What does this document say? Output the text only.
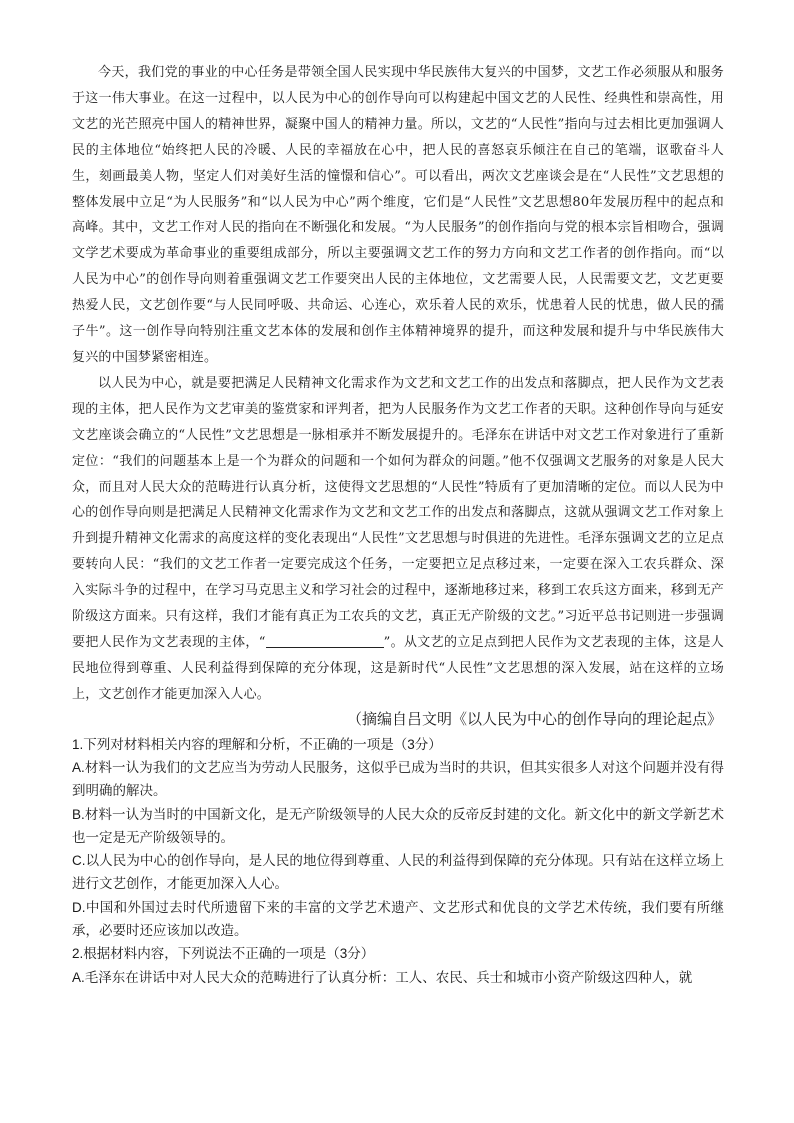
今天，我们党的事业的中心任务是带领全国人民实现中华民族伟大复兴的中国梦，文艺工作必须服从和服务于这一伟大事业。在这一过程中，以人民为中心的创作导向可以构建起中国文艺的人民性、经典性和崇高性，用文艺的光芒照亮中国人的精神世界，凝聚中国人的精神力量。所以，文艺的“人民性”指向与过去相比更加强调人民的主体地位“始终把人民的冷暖、人民的幸福放在心中，把人民的喜怒哀乐倾注在自己的笔端，讴歌奋斗人生，刻画最美人物，坚定人们对美好生活的憧憬和信心”。可以看出，两次文艺座谈会是在“人民性”文艺思想的整体发展中立足“为人民服务”和“以人民为中心”两个维度，它们是“人民性”文艺思想80年发展历程中的起点和高峰。其中，文艺工作对人民的指向在不断强化和发展。“为人民服务”的创作指向与党的根本宗旨相吻合，强调文学艺术要成为革命事业的重要组成部分，所以主要强调文艺工作的努力方向和文艺工作者的创作指向。而“以人民为中心”的创作导向则着重强调文艺工作要突出人民的主体地位，文艺需要人民，人民需要文艺，文艺更要热爱人民，文艺创作要“与人民同呼吸、共命运、心连心，欢乐着人民的欢乐，忧患着人民的忧患，做人民的孺子牛”。这一创作导向特别注重文艺本体的发展和创作主体精神境界的提升，而这种发展和提升与中华民族伟大复兴的中国梦紧密相连。

以人民为中心，就是要把满足人民精神文化需求作为文艺和文艺工作的出发点和落脚点，把人民作为文艺表现的主体，把人民作为文艺审美的鉴赏家和评判者，把为人民服务作为文艺工作者的天职。这种创作导向与延安文艺座谈会确立的“人民性”文艺思想是一脉相承并不断发展提升的。毛泽东在讲话中对文艺工作对象进行了重新定位：“我们的问题基本上是一个为群众的问题和一个如何为群众的问题。”他不仅强调文艺服务的对象是人民大众，而且对人民大众的范畴进行认真分析，这使得文艺思想的“人民性”特质有了更加清晰的定位。而以人民为中心的创作导向则是把满足人民精神文化需求作为文艺和文艺工作的出发点和落脚点，这就从强调文艺工作对象上升到提升精神文化需求的高度这样的变化表现出“人民性”文艺思想与时俱进的先进性。毛泽东强调文艺的立足点要转向人民：“我们的文艺工作者一定要完成这个任务，一定要把立足点移过来，一定要在深入工农兵群众、深入实际斗争的过程中，在学习马克思主义和学习社会的过程中，逐渐地移过来，移到工农兵这方面来，移到无产阶级这方面来。只有这样，我们才能有真正为工农兵的文艺，真正无产阶级的文艺。”习近平总书记则进一步强调要把人民作为文艺表现的主体，“	”。从文艺的立足点到把人民作为文艺表现的主体，这是人民地位得到尊重、人民利益得到保障的充分体现，这是新时代“人民性”文艺思想的深入发展，站在这样的立场上，文艺创作才能更加深入人心。

（摘编自吕文明《以人民为中心的创作导向的理论起点》

1.下列对材料相关内容的理解和分析，不正确的一项是（3分）

A.材料一认为我们的文艺应当为劳动人民服务，这似乎已成为当时的共识，但其实很多人对这个问题并没有得到明确的解决。

B.材料一认为当时的中国新文化，是无产阶级领导的人民大众的反帝反封建的文化。新文化中的新文学新艺术也一定是无产阶级领导的。

C.以人民为中心的创作导向，是人民的地位得到尊重、人民的利益得到保障的充分体现。只有站在这样立场上进行文艺创作，才能更加深入人心。

D.中国和外国过去时代所遗留下来的丰富的文学艺术遗产、文艺形式和优良的文学艺术传统，我们要有所继承，必要时还应该加以改造。

2.根据材料内容，下列说法不正确的一项是（3分）

A.毛泽东在讲话中对人民大众的范畴进行了认真分析：工人、农民、兵士和城市小资产阶级这四种人，就
